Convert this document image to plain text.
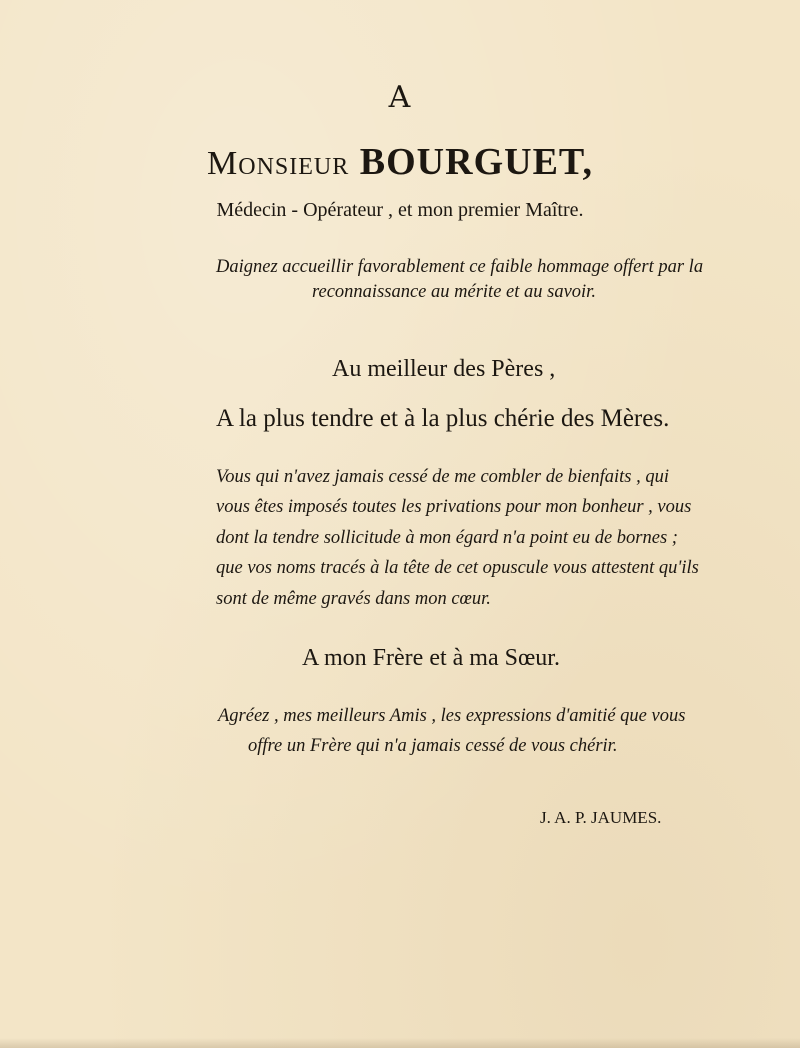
A
Monsieur BOURGUET,
Médecin - Opérateur , et mon premier Maître.
Daignez accueillir favorablement ce faible hommage offert par la
reconnaissance au mérite et au savoir.
Au meilleur des Pères ,
A la plus tendre et à la plus chérie des Mères.
Vous qui n'avez jamais cessé de me combler de bienfaits , qui
vous êtes imposés toutes les privations pour mon bonheur , vous
dont la tendre sollicitude à mon égard n'a point eu de bornes ;
que vos noms tracés à la tête de cet opuscule vous attestent qu'ils
sont de même gravés dans mon cœur.
A mon Frère et à ma Sœur.
Agréez , mes meilleurs Amis , les expressions d'amitié que vous
offre un Frère qui n'a jamais cessé de vous chérir.
J. A. P. JAUMES.
